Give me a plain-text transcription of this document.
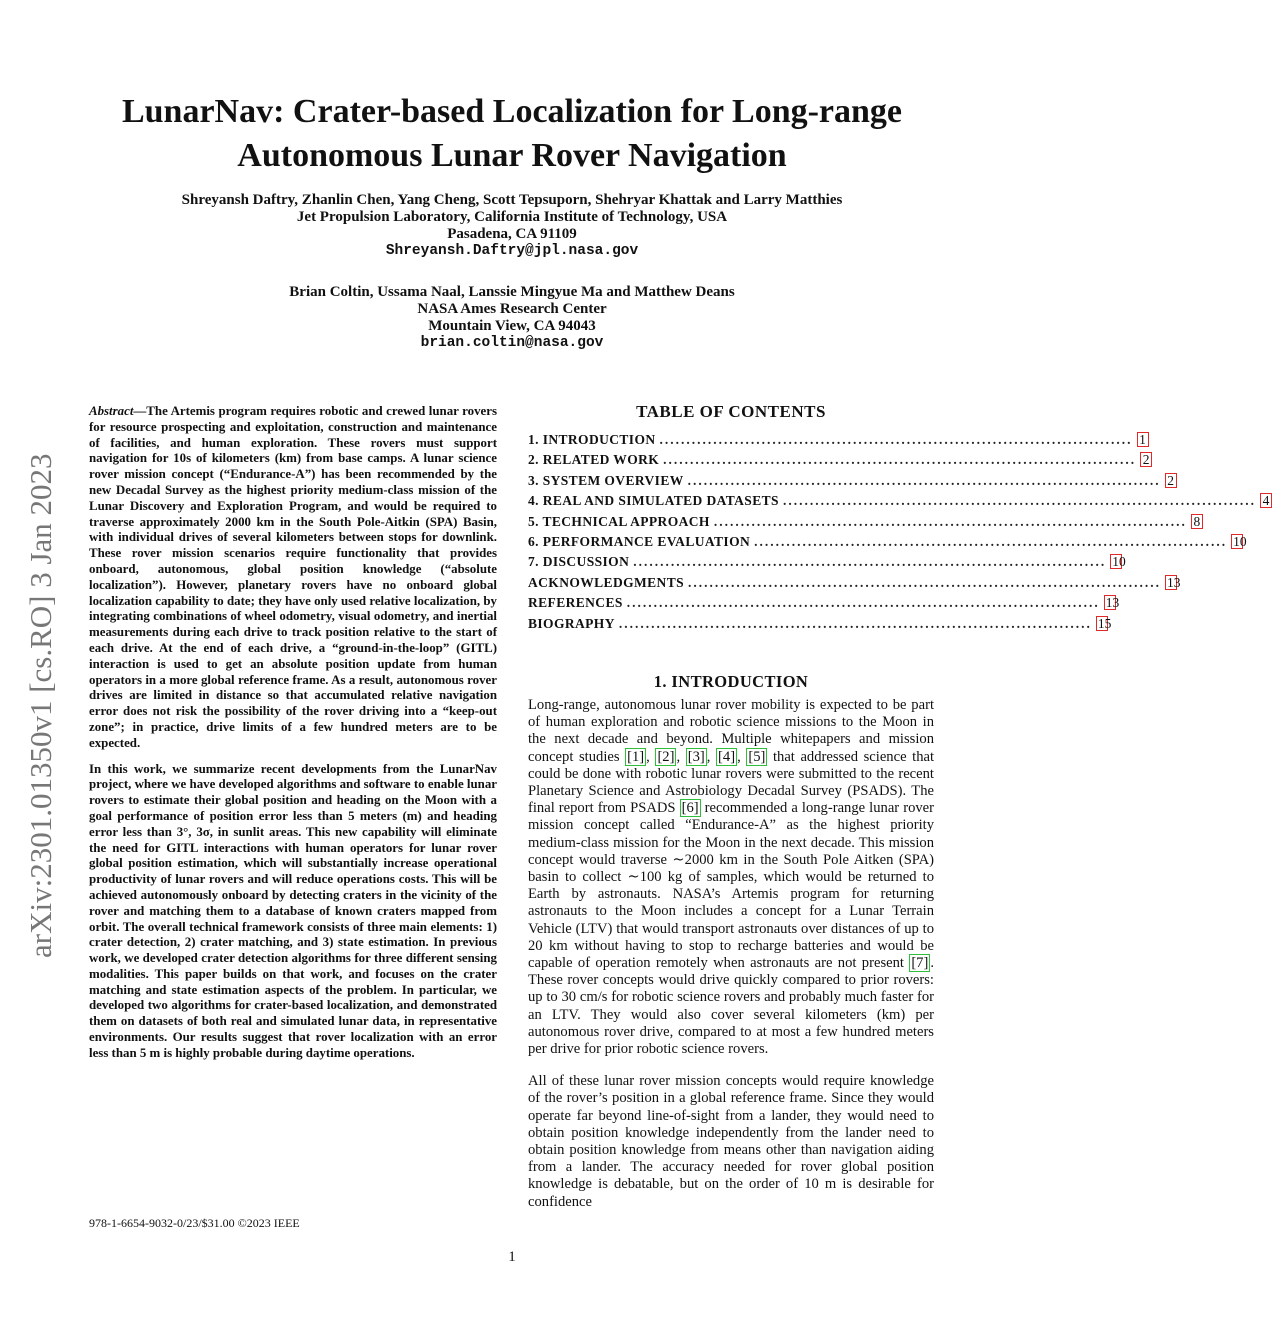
LunarNav: Crater-based Localization for Long-range
Autonomous Lunar Rover Navigation
Shreyansh Daftry, Zhanlin Chen, Yang Cheng, Scott Tepsuporn, Shehryar Khattak and Larry Matthies
Jet Propulsion Laboratory, California Institute of Technology, USA
Pasadena, CA 91109
Shreyansh.Daftry@jpl.nasa.gov
Brian Coltin, Ussama Naal, Lanssie Mingyue Ma and Matthew Deans
NASA Ames Research Center
Mountain View, CA 94043
brian.coltin@nasa.gov
arXiv:2301.01350v1 [cs.RO] 3 Jan 2023

Abstract—The Artemis program requires robotic and crewed lunar rovers for resource prospecting and exploitation, construction and maintenance of facilities, and human exploration. These rovers must support navigation for 10s of kilometers (km) from base camps. A lunar science rover mission concept (“Endurance-A”) has been recommended by the new Decadal Survey as the highest priority medium-class mission of the Lunar Discovery and Exploration Program, and would be required to traverse approximately 2000 km in the South Pole-Aitkin (SPA) Basin, with individual drives of several kilometers between stops for downlink. These rover mission scenarios require functionality that provides onboard, autonomous, global position knowledge (“absolute localization”). However, planetary rovers have no onboard global localization capability to date; they have only used relative localization, by integrating combinations of wheel odometry, visual odometry, and inertial measurements during each drive to track position relative to the start of each drive. At the end of each drive, a “ground-in-the-loop” (GITL) interaction is used to get an absolute position update from human operators in a more global reference frame. As a result, autonomous rover drives are limited in distance so that accumulated relative navigation error does not risk the possibility of the rover driving into a “keep-out zone”; in practice, drive limits of a few hundred meters are to be expected.

In this work, we summarize recent developments from the LunarNav project, where we have developed algorithms and software to enable lunar rovers to estimate their global position and heading on the Moon with a goal performance of position error less than 5 meters (m) and heading error less than 3°, 3σ, in sunlit areas. This new capability will eliminate the need for GITL interactions with human operators for lunar rover global position estimation, which will substantially increase operational productivity of lunar rovers and will reduce operations costs. This will be achieved autonomously onboard by detecting craters in the vicinity of the rover and matching them to a database of known craters mapped from orbit. The overall technical framework consists of three main elements: 1) crater detection, 2) crater matching, and 3) state estimation. In previous work, we developed crater detection algorithms for three different sensing modalities. This paper builds on that work, and focuses on the crater matching and state estimation aspects of the problem. In particular, we developed two algorithms for crater-based localization, and demonstrated them on datasets of both real and simulated lunar data, in representative environments. Our results suggest that rover localization with an error less than 5 m is highly probable during daytime operations.

978-1-6654-9032-0/23/$31.00 ©2023 IEEE
1
TABLE OF CONTENTS
1. INTRODUCTION ........................................................................................ 1
2. RELATED WORK ........................................................................................ 2
3. SYSTEM OVERVIEW ........................................................................................ 2
4. REAL AND SIMULATED DATASETS ........................................................................................ 4
5. TECHNICAL APPROACH ........................................................................................ 8
6. PERFORMANCE EVALUATION ........................................................................................ 10
7. DISCUSSION ........................................................................................ 10
ACKNOWLEDGMENTS ........................................................................................ 13
REFERENCES ........................................................................................ 13
BIOGRAPHY ........................................................................................ 15
1. INTRODUCTION

Long-range, autonomous lunar rover mobility is expected to be part of human exploration and robotic science missions to the Moon in the next decade and beyond. Multiple whitepapers and mission concept studies [1] , [2] , [3] , [4] , [5] that addressed science that could be done with robotic lunar rovers were submitted to the recent Planetary Science and Astrobiology Decadal Survey (PSADS). The final report from PSADS [6] recommended a long-range lunar rover mission concept called “Endurance-A” as the highest priority medium-class mission for the Moon in the next decade. This mission concept would traverse ∼2000 km in the South Pole Aitken (SPA) basin to collect ∼100 kg of samples, which would be returned to Earth by astronauts. NASA’s Artemis program for returning astronauts to the Moon includes a concept for a Lunar Terrain Vehicle (LTV) that would transport astronauts over distances of up to 20 km without having to stop to recharge batteries and would be capable of operation remotely when astronauts are not present [7] . These rover concepts would drive quickly compared to prior rovers: up to 30 cm/s for robotic science rovers and probably much faster for an LTV. They would also cover several kilometers (km) per autonomous rover drive, compared to at most a few hundred meters per drive for prior robotic science rovers.

All of these lunar rover mission concepts would require knowledge of the rover’s position in a global reference frame. Since they would operate far beyond line-of-sight from a lander, they would need to obtain position knowledge independently from the lander need to obtain position knowledge from means other than navigation aiding from a lander. The accuracy needed for rover global position knowledge is debatable, but on the order of 10 m is desirable for confidence
